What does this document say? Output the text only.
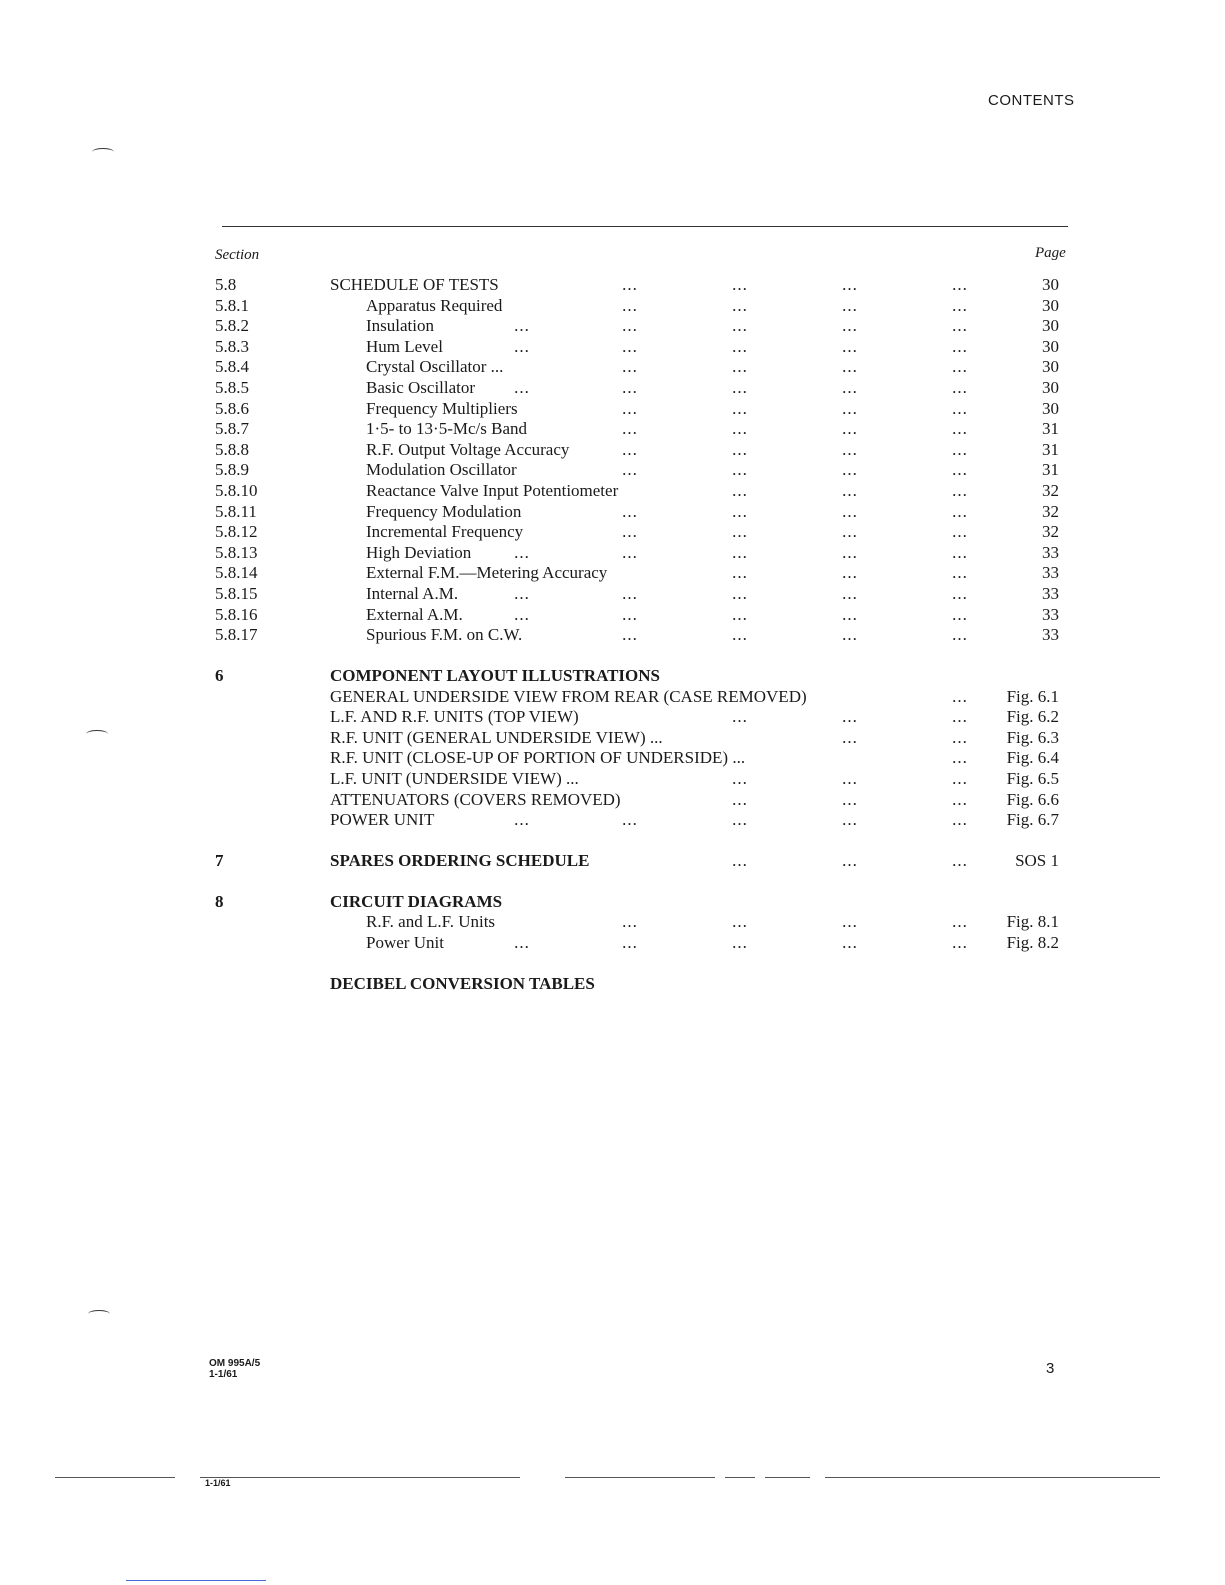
CONTENTS
Section	Page
5.8	SCHEDULE OF TESTS	...	...	...	...	30
5.8.1	Apparatus Required	...	...	...	...	30
5.8.2	Insulation	...	...	...	...	...	30
5.8.3	Hum Level	...	...	...	...	...	30
5.8.4	Crystal Oscillator ...	...	...	...	...	30
5.8.5	Basic Oscillator ...	...	...	...	...	30
5.8.6	Frequency Multipliers	...	...	...	...	30
5.8.7	1·5- to 13·5-Mc/s Band	...	...	...	...	31
5.8.8	R.F. Output Voltage Accuracy	...	...	...	...	31
5.8.9	Modulation Oscillator	...	...	...	...	31
5.8.10	Reactance Valve Input Potentiometer	...	...	...	32
5.8.11	Frequency Modulation	...	...	...	...	32
5.8.12	Incremental Frequency	...	...	...	...	32
5.8.13	High Deviation	...	...	...	...	...	33
5.8.14	External F.M.—Metering Accuracy	...	...	...	33
5.8.15	Internal A.M.	...	...	...	...	...	33
5.8.16	External A.M.	...	...	...	...	...	33
5.8.17	Spurious F.M. on C.W.	...	...	...	...	33
6	COMPONENT LAYOUT ILLUSTRATIONS
GENERAL UNDERSIDE VIEW FROM REAR (CASE REMOVED)	... Fig. 6.1
L.F. AND R.F. UNITS (TOP VIEW)	...	...	... Fig. 6.2
R.F. UNIT (GENERAL UNDERSIDE VIEW) ...	...	... Fig. 6.3
R.F. UNIT (CLOSE-UP OF PORTION OF UNDERSIDE) ...	... Fig. 6.4
L.F. UNIT (UNDERSIDE VIEW) ...	...	...	... Fig. 6.5
ATTENUATORS (COVERS REMOVED)	...	...	... Fig. 6.6
POWER UNIT	...	...	...	...	... Fig. 6.7
7	SPARES ORDERING SCHEDULE	...	...	...	SOS 1
8	CIRCUIT DIAGRAMS
R.F. and L.F. Units	...	...	...	... Fig. 8.1
Power Unit	...	...	...	...	... Fig. 8.2
DECIBEL CONVERSION TABLES
OM 995A/5
1-1/61	3
1-1/61
